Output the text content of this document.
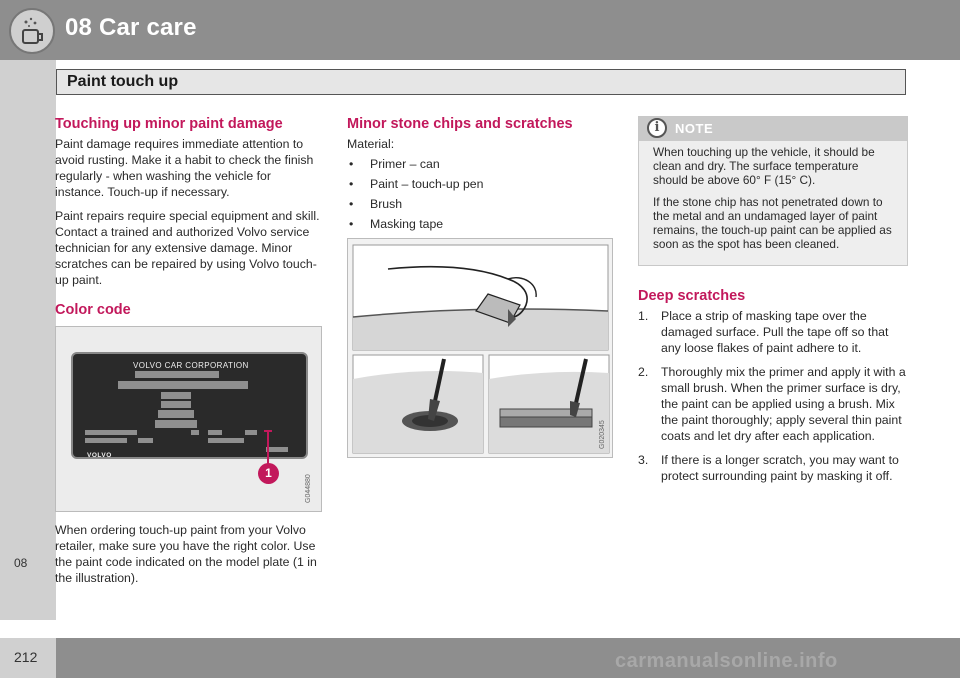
08 Car care
08
Paint touch up
Touching up minor paint damage

Paint damage requires immediate attention to avoid rusting. Make it a habit to check the finish regularly - when washing the vehicle for instance. Touch-up if necessary.

Paint repairs require special equipment and skill. Contact a trained and authorized Volvo service technician for any extensive damage. Minor scratches can be repaired by using Volvo touch-up paint.

Color code
VOLVO CAR CORPORATION
VOLVO
1
G044880

When ordering touch-up paint from your Volvo retailer, make sure you have the right color. Use the paint code indicated on the model plate (1 in the illustration).

Minor stone chips and scratches
Material:
• Primer – can
• Paint – touch-up pen
• Brush
• Masking tape
G020345
i	NOTE

When touching up the vehicle, it should be clean and dry. The surface temperature should be above 60° F (15° C).

If the stone chip has not penetrated down to the metal and an undamaged layer of paint remains, the touch-up paint can be applied as soon as the spot has been cleaned.

Deep scratches
1. Place a strip of masking tape over the damaged surface. Pull the tape off so that any loose flakes of paint adhere to it.
2. Thoroughly mix the primer and apply it with a small brush. When the primer surface is dry, the paint can be applied using a brush. Mix the paint thoroughly; apply several thin paint coats and let dry after each application.
3. If there is a longer scratch, you may want to protect surrounding paint by masking it off.
212	carmanualsonline.info
